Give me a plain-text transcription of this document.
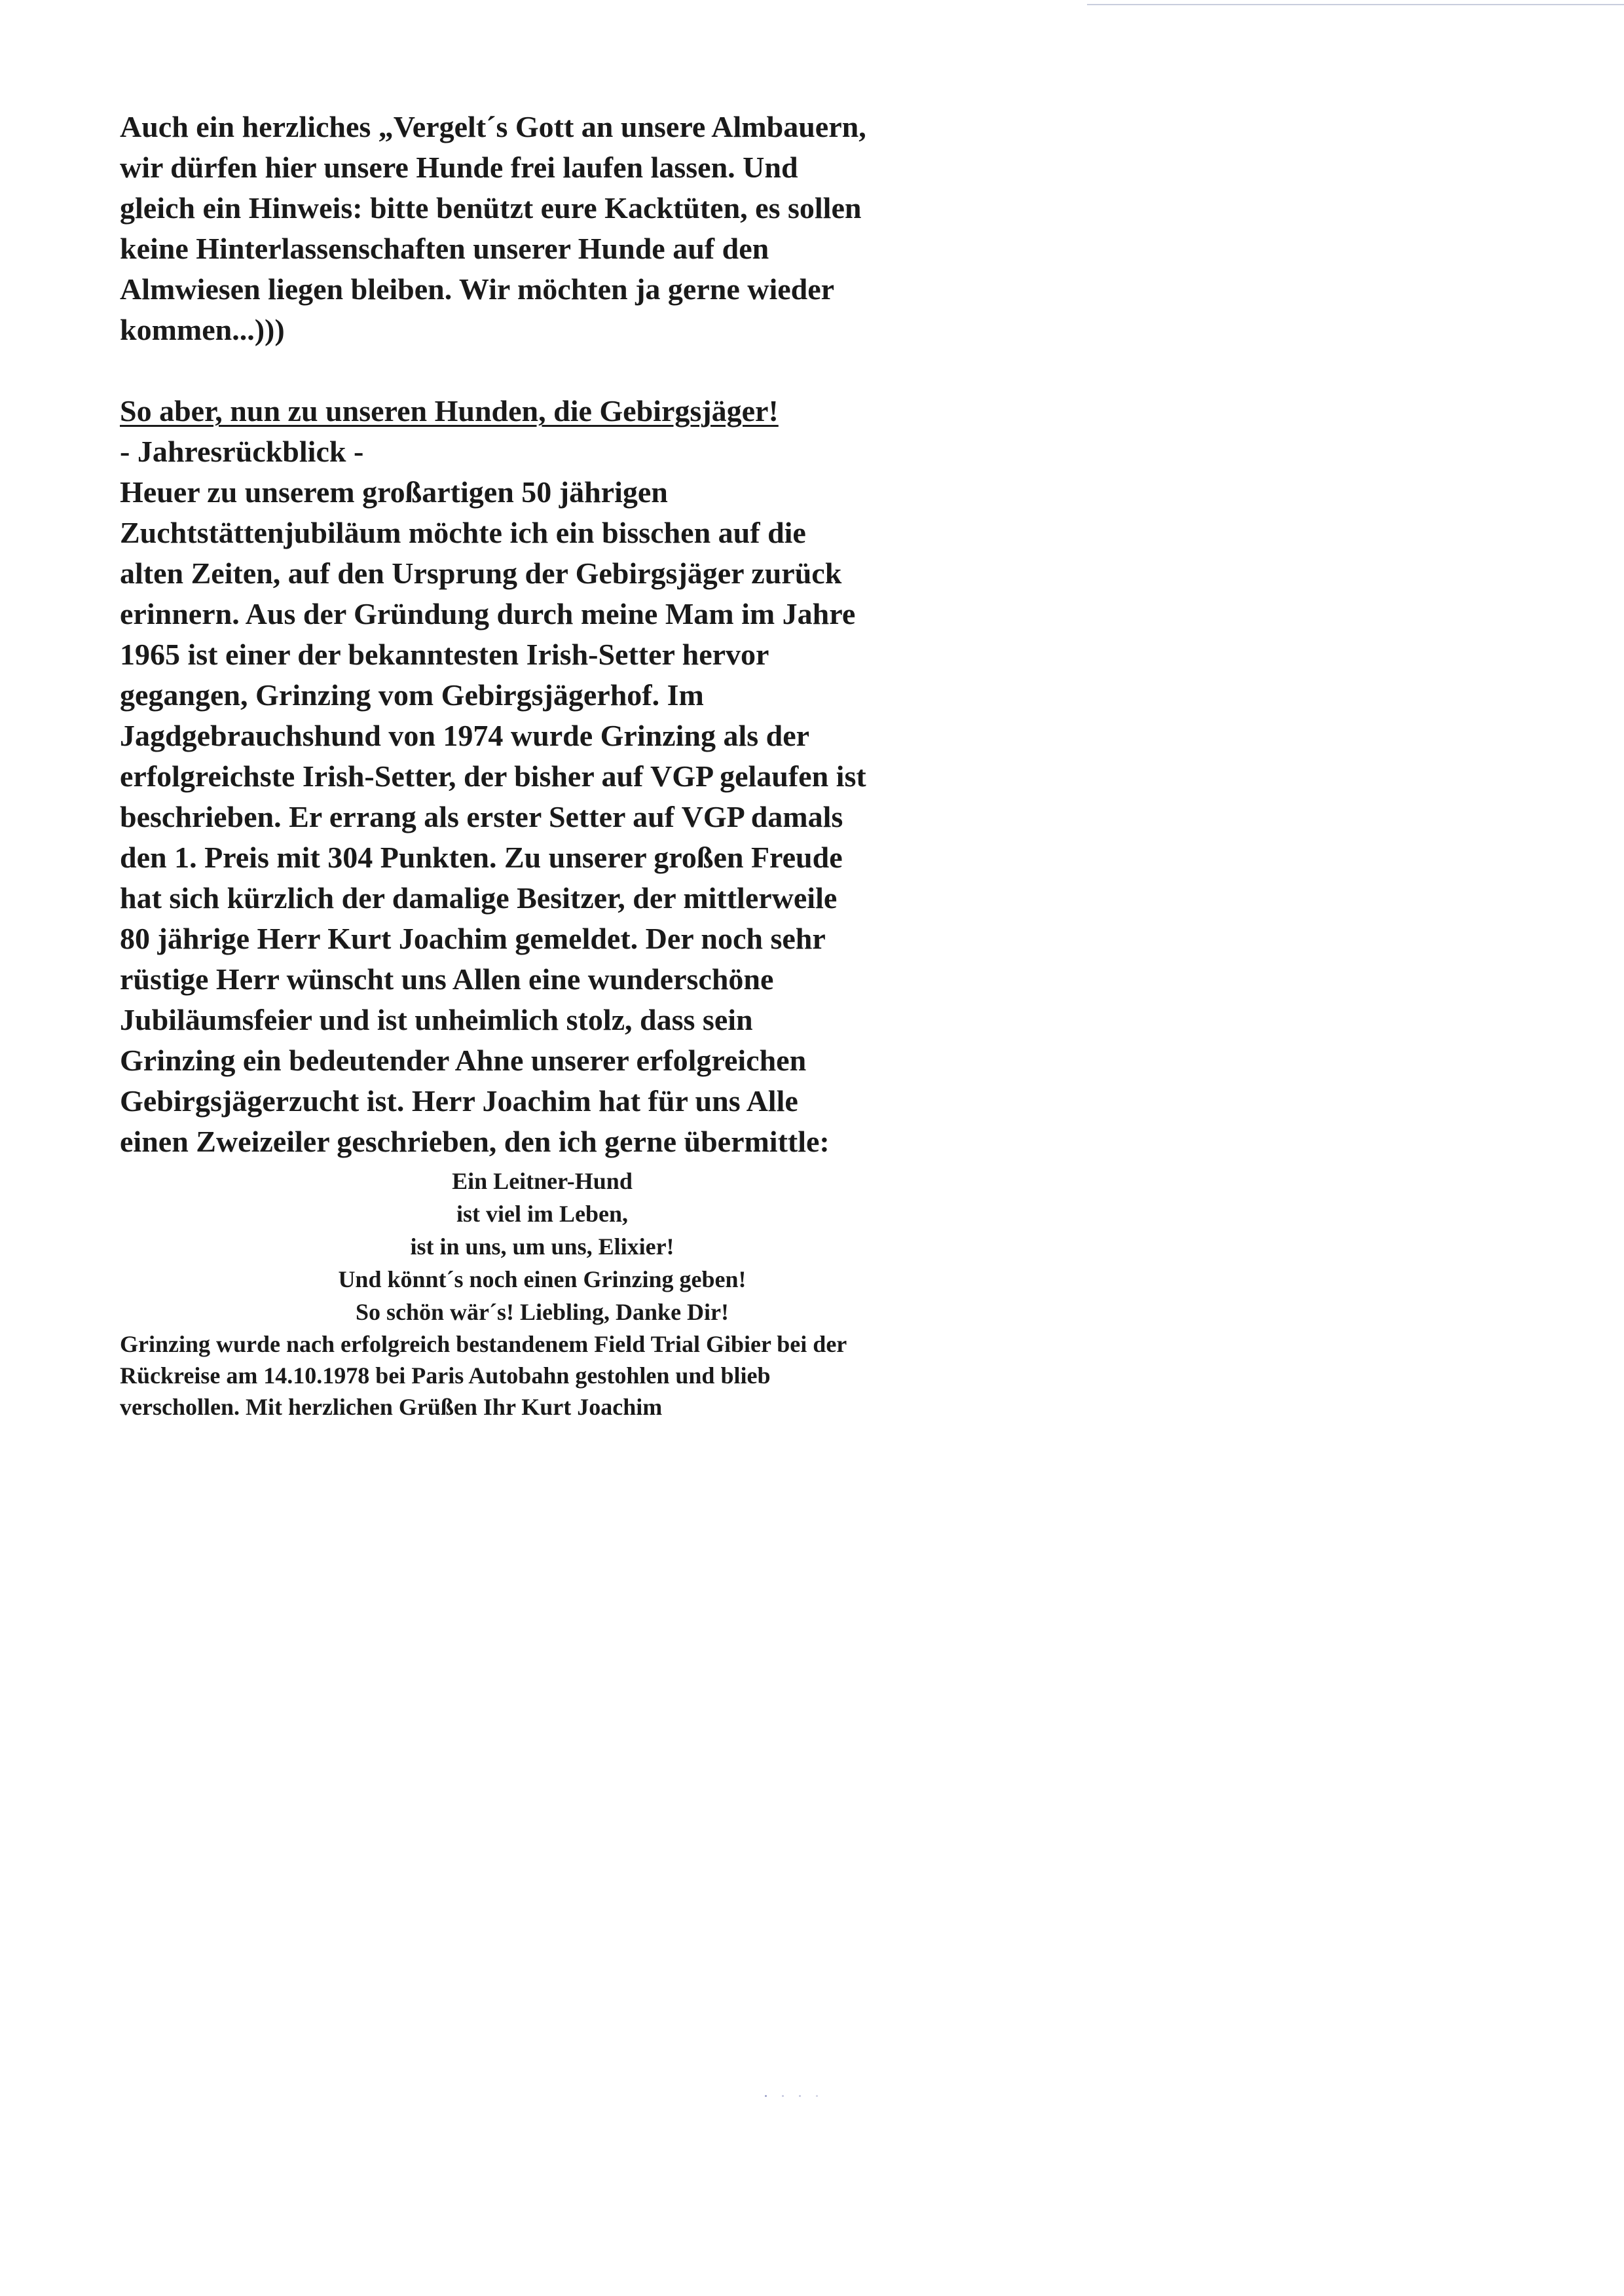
Auch ein herzliches „Vergelt´s Gott an unsere Almbauern,
wir dürfen hier unsere Hunde frei laufen lassen. Und
gleich ein Hinweis: bitte benützt eure Kacktüten, es sollen
keine Hinterlassenschaften unserer Hunde auf den
Almwiesen liegen bleiben. Wir möchten ja gerne wieder
kommen...)))
So aber, nun zu unseren Hunden, die Gebirgsjäger!
- Jahresrückblick -
Heuer zu unserem großartigen 50 jährigen
Zuchtstättenjubiläum möchte ich ein bisschen auf die
alten Zeiten, auf den Ursprung der Gebirgsjäger zurück
erinnern. Aus der Gründung durch meine Mam im Jahre
1965 ist einer der bekanntesten Irish-Setter hervor
gegangen, Grinzing vom Gebirgsjägerhof. Im
Jagdgebrauchshund von 1974 wurde Grinzing als der
erfolgreichste Irish-Setter, der bisher auf VGP gelaufen ist
beschrieben. Er errang als erster Setter auf VGP damals
den 1. Preis mit 304 Punkten. Zu unserer großen Freude
hat sich kürzlich der damalige Besitzer, der mittlerweile
80 jährige Herr Kurt Joachim gemeldet. Der noch sehr
rüstige Herr wünscht uns Allen eine wunderschöne
Jubiläumsfeier und ist unheimlich stolz, dass sein
Grinzing ein bedeutender Ahne unserer erfolgreichen
Gebirgsjägerzucht ist. Herr Joachim hat für uns Alle
einen Zweizeiler geschrieben, den ich gerne übermittle:
Ein Leitner-Hund
ist viel im Leben,
ist in uns, um uns, Elixier!
Und könnt´s noch einen Grinzing geben!
So schön wär´s! Liebling, Danke Dir!
Grinzing wurde nach erfolgreich bestandenem Field Trial Gibier bei der
Rückreise am 14.10.1978 bei Paris Autobahn gestohlen und blieb
verschollen. Mit herzlichen Grüßen Ihr Kurt Joachim
